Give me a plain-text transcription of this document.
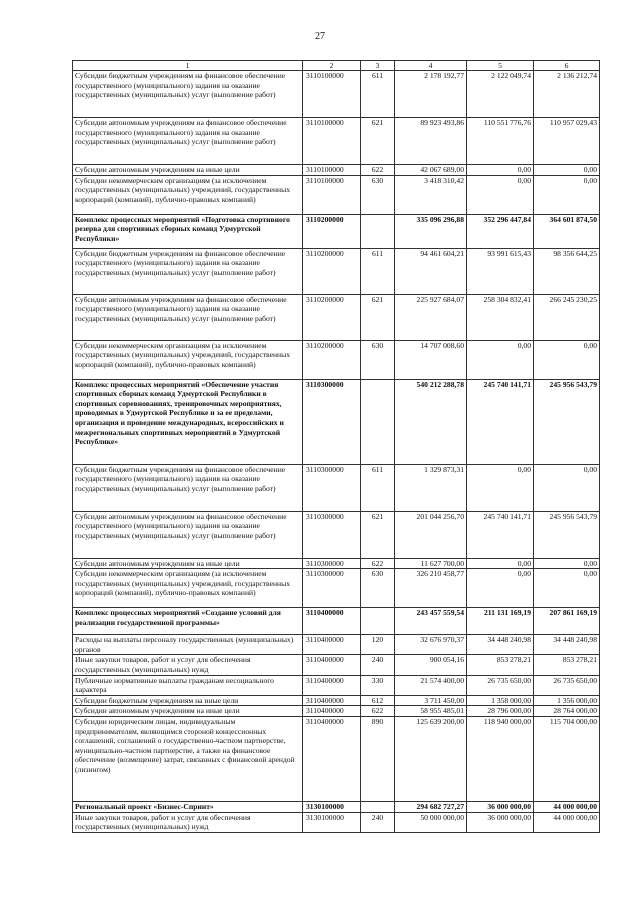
27
1	2	3	4	5	6
Субсидии бюджетным учреждениям на финансовое обеспечение государственного (муниципального) задания на оказание государственных (муниципальных) услуг (выполнение работ)	3110100000	611	2 178 192,77	2 122 049,74	2 136 212,74
Субсидии автономным учреждениям на финансовое обеспечение государственного (муниципального) задания на оказание государственных (муниципальных) услуг (выполнение работ)	3110100000	621	89 923 493,86	110 551 776,76	110 957 029,43
Субсидии автономным учреждениям на иные цели	3110100000	622	42 067 689,00	0,00	0,00
Субсидии некоммерческим организациям (за исключением государственных (муниципальных) учреждений, государственных корпораций (компаний), публично-правовых компаний)	3110100000	630	3 418 310,42	0,00	0,00
Комплекс процессных мероприятий «Подготовка спортивного резерва для спортивных сборных команд Удмуртской Республики»	3110200000		335 096 296,88	352 296 447,84	364 601 874,50
Субсидии бюджетным учреждениям на финансовое обеспечение государственного (муниципального) задания на оказание государственных (муниципальных) услуг (выполнение работ)	3110200000	611	94 461 604,21	93 991 615,43	98 356 644,25
Субсидии автономным учреждениям на финансовое обеспечение государственного (муниципального) задания на оказание государственных (муниципальных) услуг (выполнение работ)	3110200000	621	225 927 684,07	258 304 832,41	266 245 230,25
Субсидии некоммерческим организациям (за исключением государственных (муниципальных) учреждений, государственных корпораций (компаний), публично-правовых компаний)	3110200000	630	14 707 008,60	0,00	0,00
Комплекс процессных мероприятий «Обеспечение участия спортивных сборных команд Удмуртской Республики в спортивных соревнованиях, тренировочных мероприятиях, проводимых в Удмуртской Республике и за ее пределами, организация и проведение международных, всероссийских и межрегиональных спортивных мероприятий в Удмуртской Республике»	3110300000		540 212 288,78	245 740 141,71	245 956 543,79
Субсидии бюджетным учреждениям на финансовое обеспечение государственного (муниципального) задания на оказание государственных (муниципальных) услуг (выполнение работ)	3110300000	611	1 329 873,31	0,00	0,00
Субсидии автономным учреждениям на финансовое обеспечение государственного (муниципального) задания на оказание государственных (муниципальных) услуг (выполнение работ)	3110300000	621	201 044 256,70	245 740 141,71	245 956 543,79
Субсидии автономным учреждениям на иные цели	3110300000	622	11 627 700,00	0,00	0,00
Субсидии некоммерческим организациям (за исключением государственных (муниципальных) учреждений, государственных корпораций (компаний), публично-правовых компаний)	3110300000	630	326 210 458,77	0,00	0,00
Комплекс процессных мероприятий «Создание условий для реализации государственной программы»	3110400000		243 457 559,54	211 131 169,19	207 861 169,19
Расходы на выплаты персоналу государственных (муниципальных) органов	3110400000	120	32 676 970,37	34 448 240,98	34 448 240,98
Иные закупки товаров, работ и услуг для обеспечения государственных (муниципальных) нужд	3110400000	240	900 054,16	853 278,21	853 278,21
Публичные нормативные выплаты гражданам несоциального характера	3110400000	330	21 574 400,00	26 735 650,00	26 735 650,00
Субсидии бюджетным учреждениям на иные цели	3110400000	612	3 711 450,00	1 358 000,00	1 356 000,00
Субсидии автономным учреждениям на иные цели	3110400000	622	58 955 485,01	28 796 000,00	28 764 000,00
Субсидии юридическим лицам, индивидуальным предпринимателям, являющимся стороной концессионных соглашений, соглашений о государственно-частном партнерстве, муниципально-частном партнерстве, а также на финансовое обеспечение (возмещение) затрат, связанных с финансовой арендой (лизингом)	3110400000	890	125 639 200,00	118 940 000,00	115 704 000,00
Региональный проект «Бизнес-Спринт»	3130100000		294 682 727,27	36 000 000,00	44 000 000,00
Иные закупки товаров, работ и услуг для обеспечения государственных (муниципальных) нужд	3130100000	240	50 000 000,00	36 000 000,00	44 000 000,00
